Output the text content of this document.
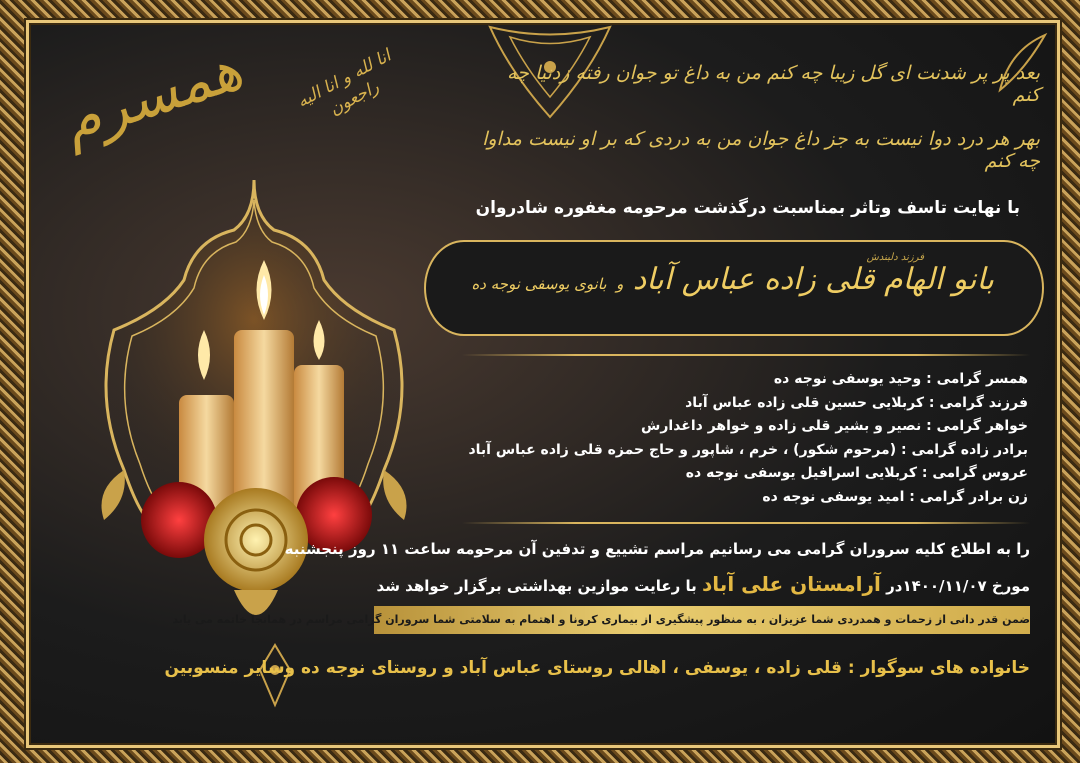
همسرم	انا لله و انا الیه راجعون
بعد پر پر شدنت ای گل زیبا چه کنم من به داغ تو جوان رفته زدنیا چه کنم
بهر هر درد دوا نیست به جز داغ جوان من به دردی که بر او نیست مداوا چه کنم
با نهایت تاسف وتاثر بمناسبت درگذشت مرحومه مغفوره شادروان
فرزند دلبندش
بانو الهام قلی زاده عباس آباد و بانوی یوسفی نوجه ده
همسر گرامی : وحید یوسفی نوجه ده
فرزند گرامی : کربلایی حسین قلی زاده عباس آباد
خواهر گرامی : نصیر و بشیر قلی زاده و خواهر داغدارش
برادر زاده گرامی : (مرحوم شکور) ، خرم ، شاپور و حاج حمزه قلی زاده عباس آباد
عروس گرامی : کربلایی اسرافیل یوسفی نوجه ده
زن برادر گرامی : امید یوسفی نوجه ده
را به اطلاع کلیه سروران گرامی می رسانیم مراسم تشییع و تدفین آن مرحومه ساعت ۱۱ روز پنجشنبه
مورخ ۱۴۰۰/۱۱/۰۷در آرامستان علی آباد با رعایت موازین بهداشتی برگزار خواهد شد
ضمن قدر دانی از زحمات و همدردی شما عزیزان ، به منظور پیشگیری از بیماری کرونا و اهتمام به سلامتی شما سروران گرامی مراسم در همانجا خاتمه می یابد
خانواده های سوگوار : قلی زاده ، یوسفی ، اهالی روستای عباس آباد و روستای نوجه ده وسایر منسوبین
